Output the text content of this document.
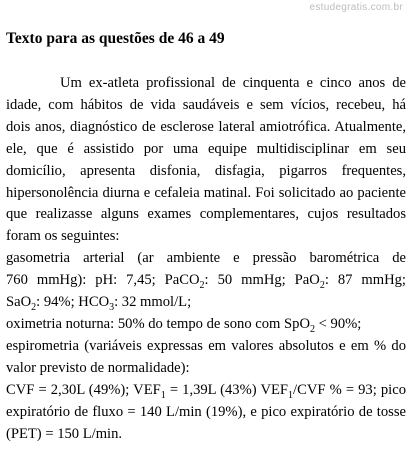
estudegratis.com.br
Texto para as questões de 46 a 49
Um ex-atleta profissional de cinquenta e cinco anos de
idade, com hábitos de vida saudáveis e sem vícios, recebeu, há
dois anos, diagnóstico de esclerose lateral amiotrófica. Atualmente,
ele, que é assistido por uma equipe multidisciplinar em seu
domicílio, apresenta disfonia, disfagia, pigarros frequentes,
hipersonolência diurna e cefaleia matinal. Foi solicitado ao paciente
que realizasse alguns exames complementares, cujos resultados
foram os seguintes:
gasometria arterial (ar ambiente e pressão barométrica de
760 mmHg): pH: 7,45; PaCO$_2$: 50 mmHg; PaO$_2$: 87 mmHg;
SaO$_2$: 94%; $HCO_3$: 32 mmol/L;
oximetria noturna: 50% do tempo de sono com SpO$_2$ < 90%;
espirometria (variáveis expressas em valores absolutos e em % do
valor previsto de normalidade):
CVF = 2,30L (49%); $VEF_1 = 1,39L$ (43%) $VEF_1$/CVF % = 93; pico
expiratório de fluxo = 140 L/min (19%), e pico expiratório de tosse
(PET) = 150 L/min.
